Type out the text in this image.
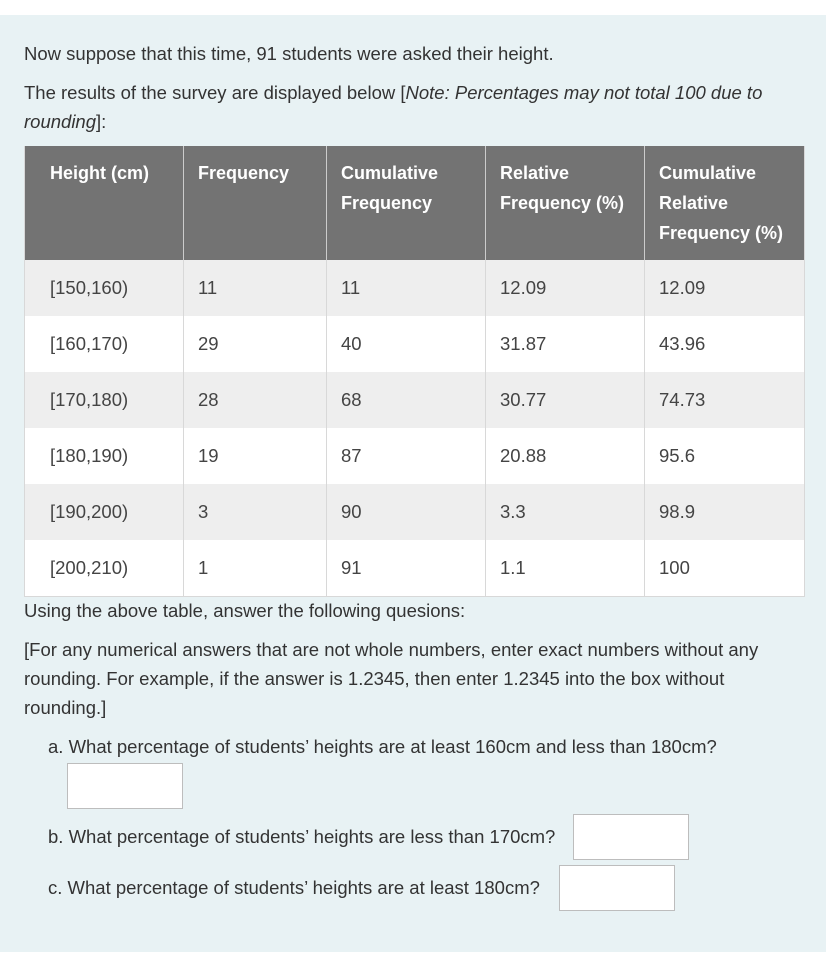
Now suppose that this time, 91 students were asked their height.

The results of the survey are displayed below [Note: Percentages may not total 100 due to rounding]:

Height (cm)	Frequency	Cumulative Frequency	Relative Frequency (%)	Cumulative Relative Frequency (%)
[150,160)	11	11	12.09	12.09
[160,170)	29	40	31.87	43.96
[170,180)	28	68	30.77	74.73
[180,190)	19	87	20.88	95.6
[190,200)	3	90	3.3	98.9
[200,210)	1	91	1.1	100

Using the above table, answer the following quesions:

[For any numerical answers that are not whole numbers, enter exact numbers without any rounding. For example, if the answer is 1.2345, then enter 1.2345 into the box without rounding.]

a. What percentage of students’ heights are at least 160cm and less than 180cm?

b. What percentage of students’ heights are less than 170cm?

c. What percentage of students’ heights are at least 180cm?
